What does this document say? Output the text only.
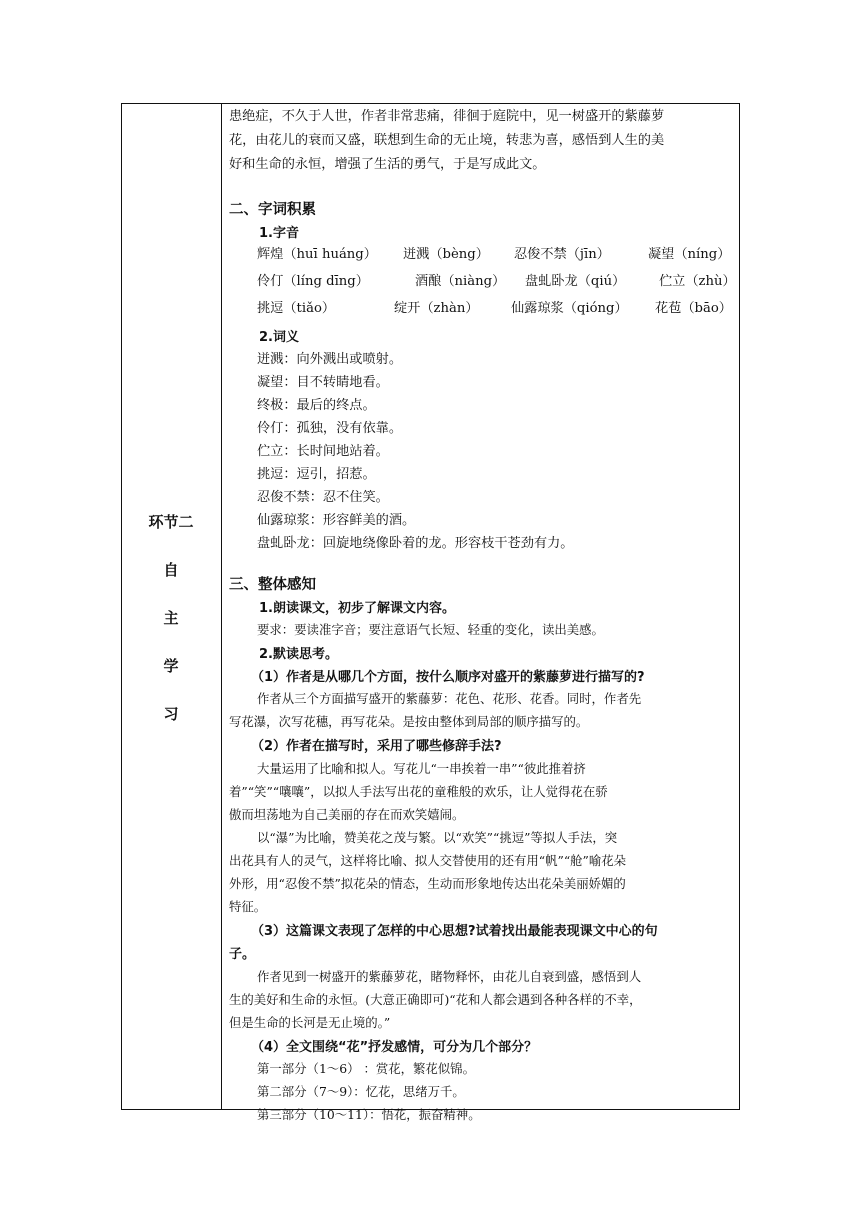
环节二
自
主
学
习
患绝症，不久于人世，作者非常悲痛，徘徊于庭院中，见一树盛开的紫藤萝
花，由花儿的衰而又盛，联想到生命的无止境，转悲为喜，感悟到人生的美
好和生命的永恒，增强了生活的勇气，于是写成此文。
二、字词积累
1.字音
辉煌（huī huáng） 迸溅（bèng） 忍俊不禁（jīn）	凝望（níng）
伶仃（líng dīng）	酒酿（niàng） 盘虬卧龙（qiú）	伫立（zhù）
挑逗（tiǎo）	绽开（zhàn） 仙露琼浆（qióng） 花苞（bāo）
2.词义
迸溅：向外溅出或喷射。
凝望：目不转睛地看。
终极：最后的终点。
伶仃：孤独，没有依靠。
伫立：长时间地站着。
挑逗：逗引，招惹。
忍俊不禁：忍不住笑。
仙露琼浆：形容鲜美的酒。
盘虬卧龙：回旋地绕像卧着的龙。形容枝干苍劲有力。
三、整体感知
1.朗读课文，初步了解课文内容。
要求：要读准字音；要注意语气长短、轻重的变化，读出美感。
2.默读思考。
（1）作者是从哪几个方面，按什么顺序对盛开的紫藤萝进行描写的?
作者从三个方面描写盛开的紫藤萝：花色、花形、花香。同时，作者先
写花瀑，次写花穗，再写花朵。是按由整体到局部的顺序描写的。
（2）作者在描写时，采用了哪些修辞手法?
大量运用了比喻和拟人。写花儿“一串挨着一串”“彼此推着挤
着”“笑”“嚷嚷”，以拟人手法写出花的童稚般的欢乐，让人觉得花在骄
傲而坦荡地为自己美丽的存在而欢笑嬉闹。
以“瀑”为比喻，赞美花之茂与繁。以“欢笑”“挑逗”等拟人手法，突
出花具有人的灵气，这样将比喻、拟人交替使用的还有用“帆”“舱”喻花朵
外形，用“忍俊不禁”拟花朵的情态，生动而形象地传达出花朵美丽娇媚的
特征。
（3）这篇课文表现了怎样的中心思想?试着找出最能表现课文中心的句
子。
作者见到一树盛开的紫藤萝花，睹物释怀，由花儿自衰到盛，感悟到人
生的美好和生命的永恒。(大意正确即可)“花和人都会遇到各种各样的不幸，
但是生命的长河是无止境的。”
（4）全文围绕“花”抒发感情，可分为几个部分？
第一部分（1～6） ：赏花，繁花似锦。
第二部分（7～9）：忆花，思绪万千。
第三部分（10～11）：悟花，振奋精神。
